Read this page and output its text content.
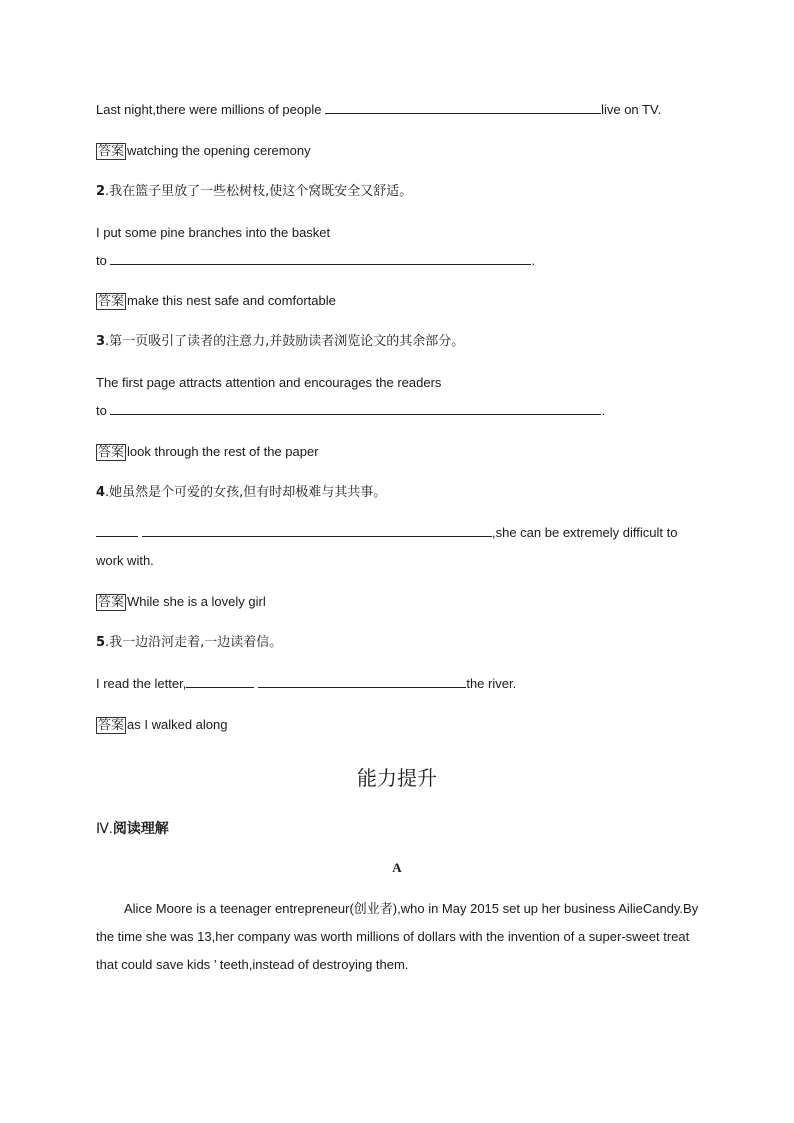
Last night,there were millions of people	live on TV.
答案 watching the opening ceremony
2.我在篮子里放了一些松树枝,使这个窝既安全又舒适。
I put some pine branches into the basket
to	.
答案 make this nest safe and comfortable
3.第一页吸引了读者的注意力,并鼓励读者浏览论文的其余部分。
The first page attracts attention and encourages the readers
to	.
答案 look through the rest of the paper
4.她虽然是个可爱的女孩,但有时却极难与其共事。
,she can be extremely difficult to
work with.
答案 While she is a lovely girl
5.我一边沿河走着,一边读着信。
I read the letter,	the river.
答案 as I walked along
能力提升
Ⅳ.阅读理解
A
Alice Moore is a teenager entrepreneur(创业者),who in May 2015 set up her business AilieCandy.By
the time she was 13,her company was worth millions of dollars with the invention of a super-sweet treat
that could save kids ’ teeth,instead of destroying them.
